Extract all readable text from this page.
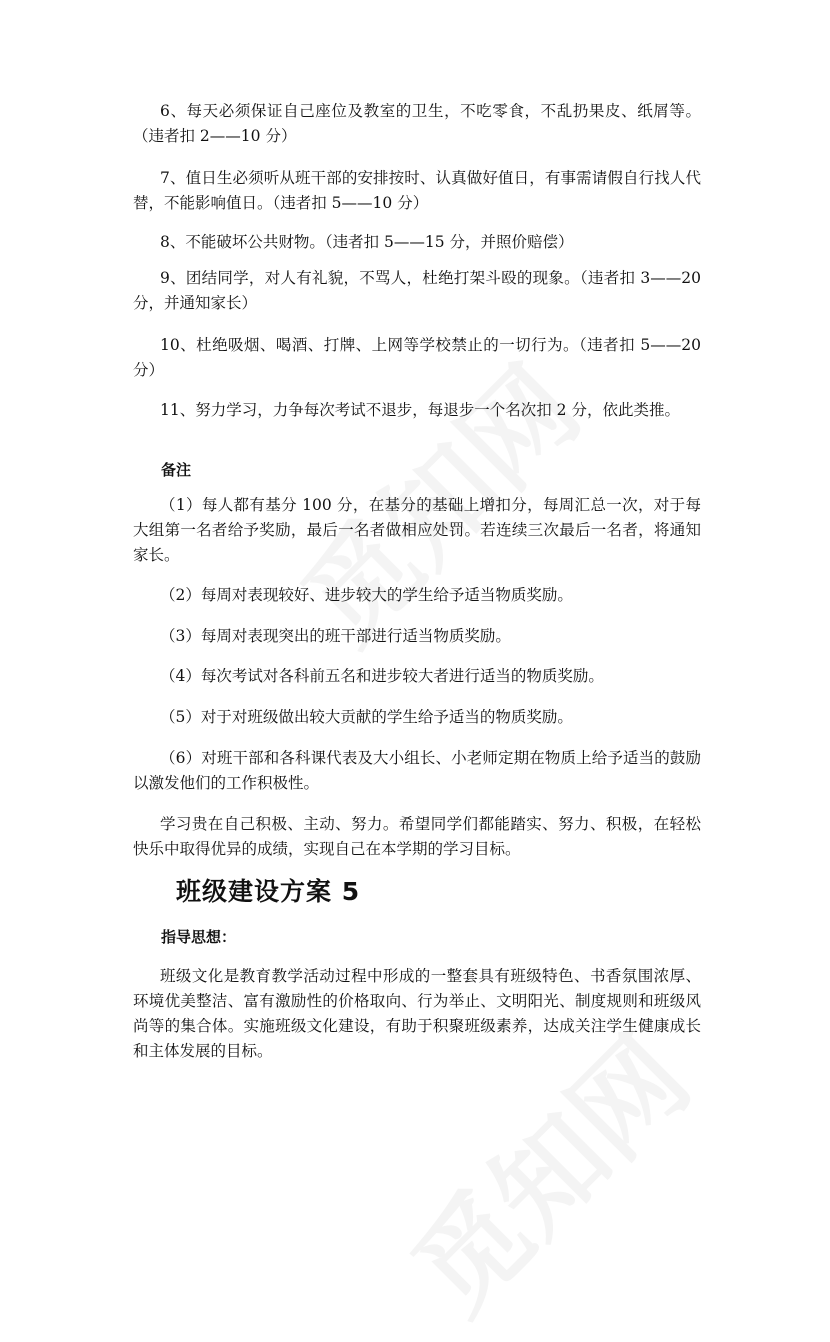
6、每天必须保证自己座位及教室的卫生，不吃零食，不乱扔果皮、纸屑等。（违者扣 2——10 分）

7、值日生必须听从班干部的安排按时、认真做好值日，有事需请假自行找人代替，不能影响值日。（违者扣 5——10 分）

8、不能破坏公共财物。（违者扣 5——15 分，并照价赔偿）

9、团结同学，对人有礼貌，不骂人，杜绝打架斗殴的现象。（违者扣 3——20 分，并通知家长）

10、杜绝吸烟、喝酒、打牌、上网等学校禁止的一切行为。（违者扣 5——20 分）

11、努力学习，力争每次考试不退步，每退步一个名次扣 2 分，依此类推。

备注

（1）每人都有基分 100 分，在基分的基础上增扣分，每周汇总一次，对于每大组第一名者给予奖励，最后一名者做相应处罚。若连续三次最后一名者，将通知家长。

（2）每周对表现较好、进步较大的学生给予适当物质奖励。

（3）每周对表现突出的班干部进行适当物质奖励。

（4）每次考试对各科前五名和进步较大者进行适当的物质奖励。

（5）对于对班级做出较大贡献的学生给予适当的物质奖励。

（6）对班干部和各科课代表及大小组长、小老师定期在物质上给予适当的鼓励以激发他们的工作积极性。

学习贵在自己积极、主动、努力。希望同学们都能踏实、努力、积极，在轻松快乐中取得优异的成绩，实现自己在本学期的学习目标。

班级建设方案 5

指导思想：

班级文化是教育教学活动过程中形成的一整套具有班级特色、书香氛围浓厚、环境优美整洁、富有激励性的价格取向、行为举止、文明阳光、制度规则和班级风尚等的集合体。实施班级文化建设，有助于积聚班级素养，达成关注学生健康成长和主体发展的目标。
